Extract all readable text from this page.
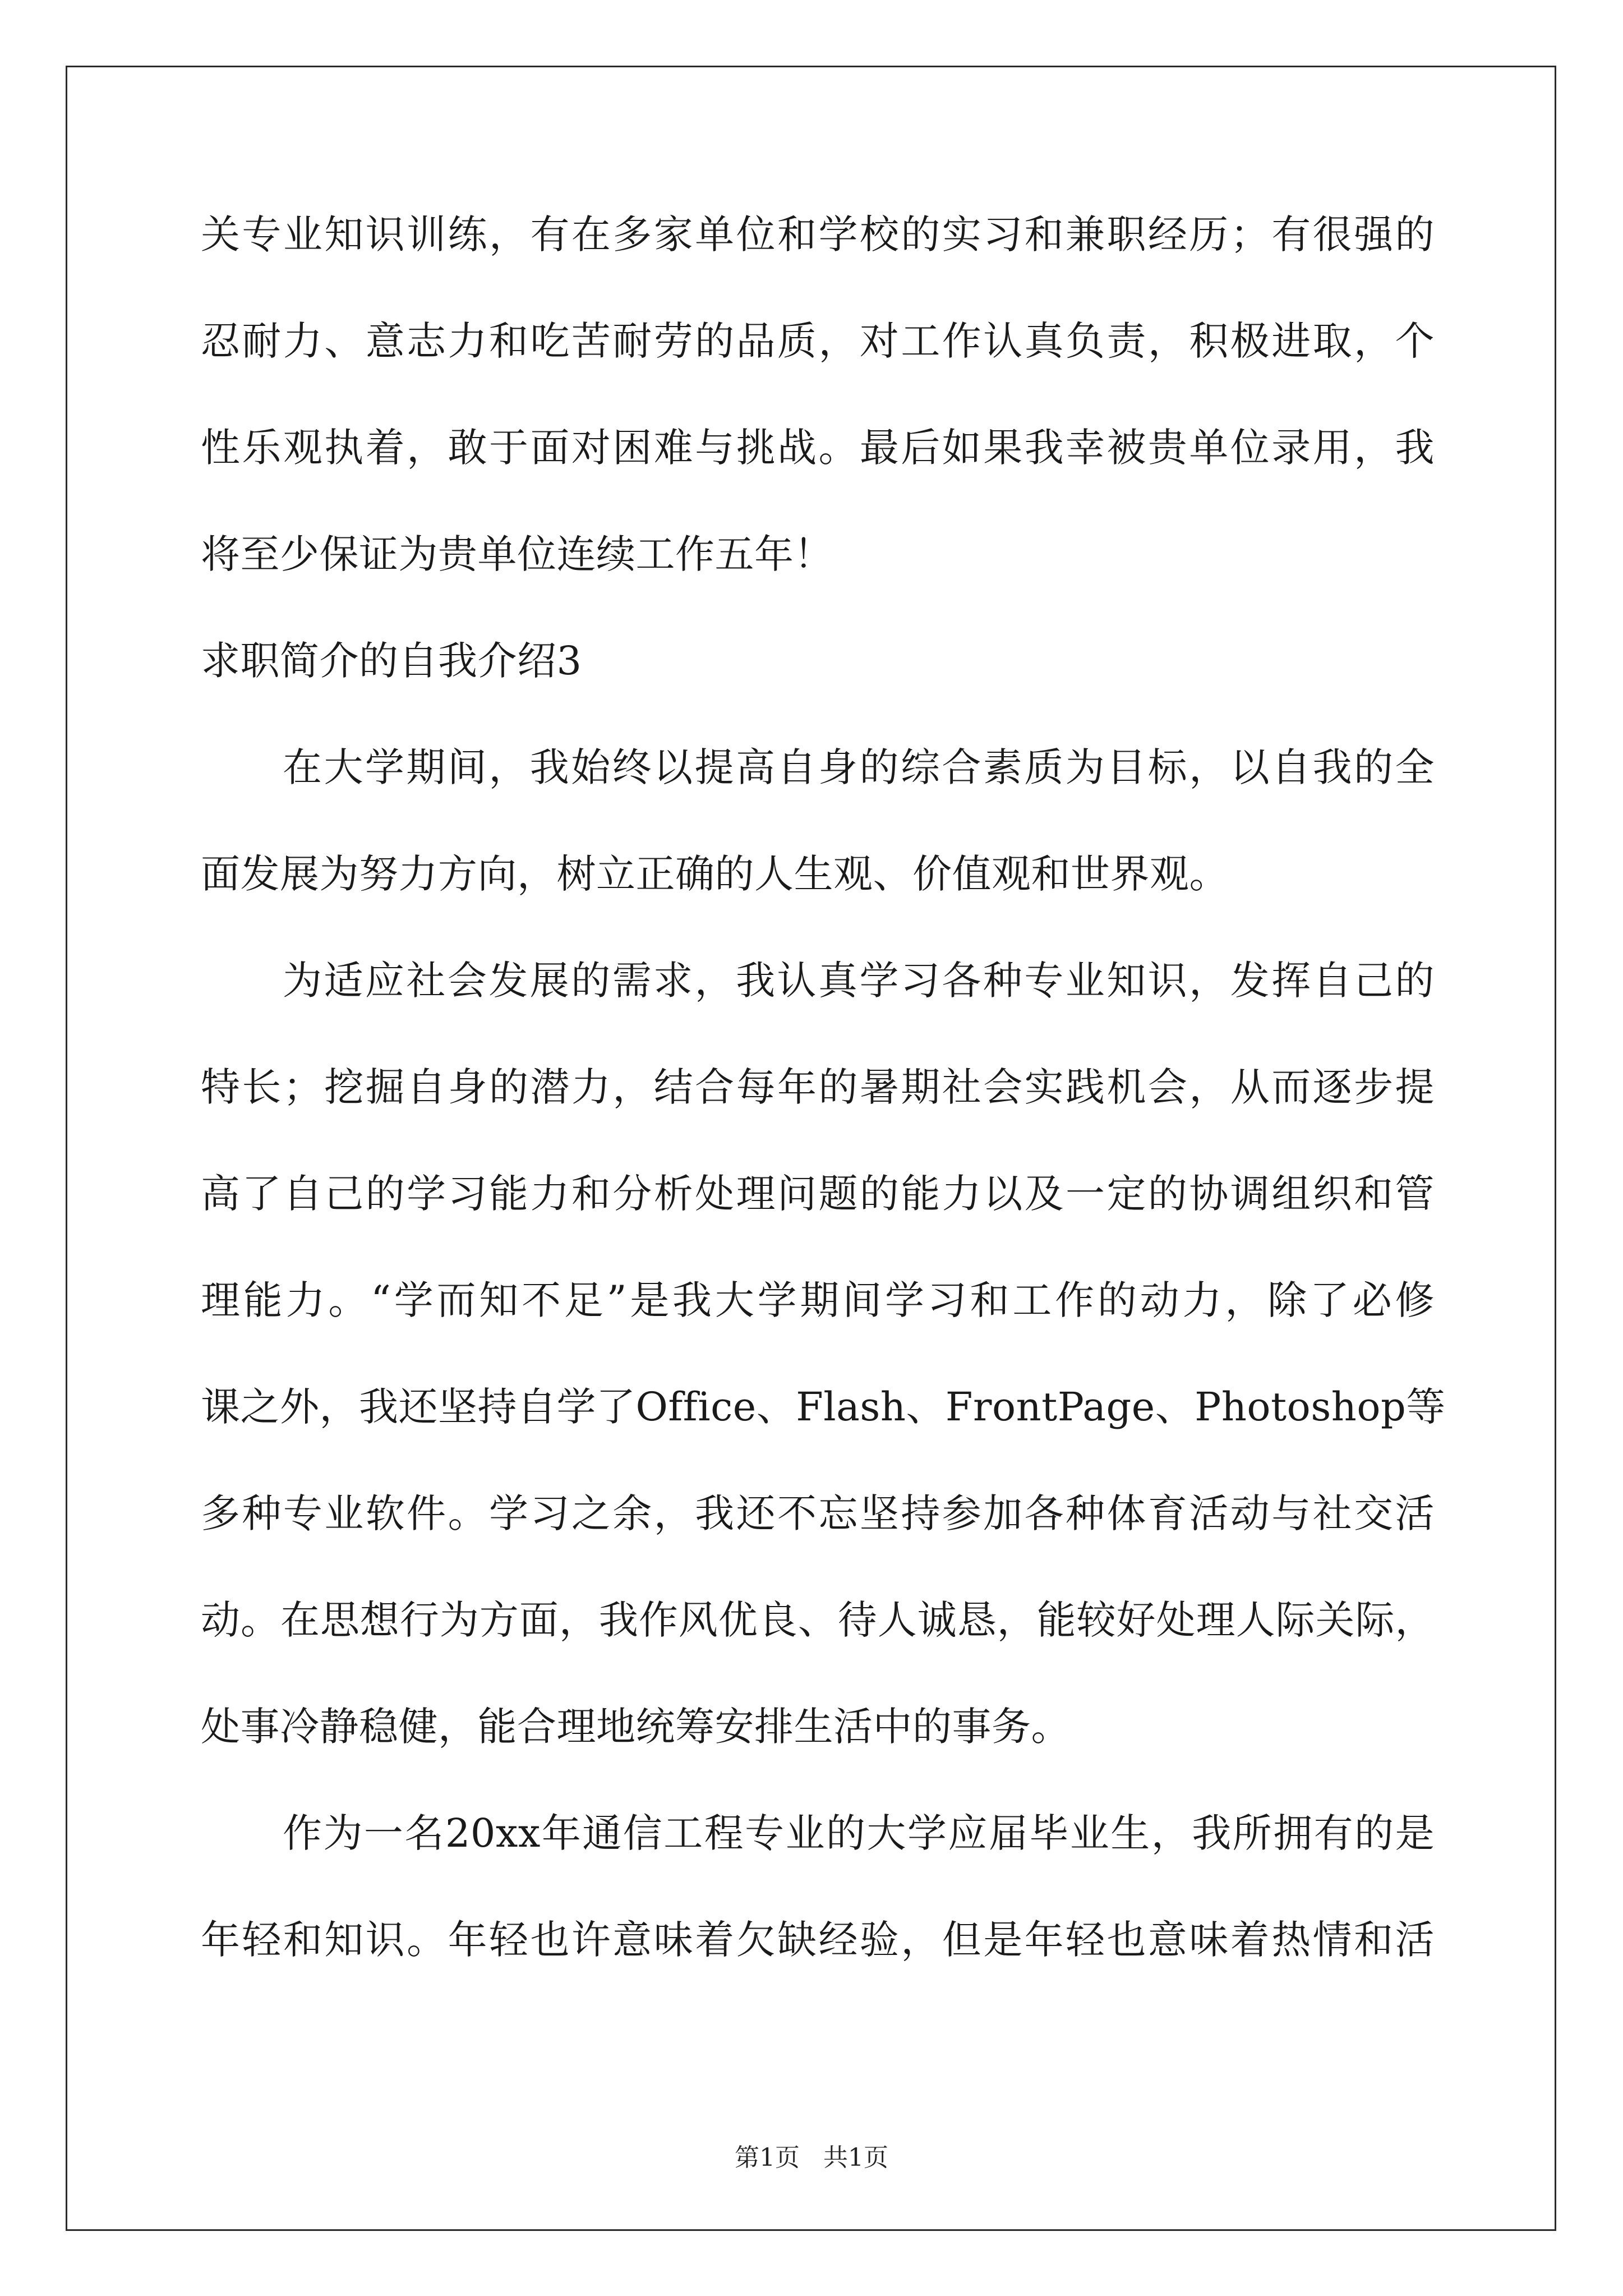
关专业知识训练，有在多家单位和学校的实习和兼职经历；有很强的
忍耐力、意志力和吃苦耐劳的品质，对工作认真负责，积极进取，个
性乐观执着，敢于面对困难与挑战。最后如果我幸被贵单位录用，我
将至少保证为贵单位连续工作五年！
求职简介的自我介绍3
在大学期间，我始终以提高自身的综合素质为目标，以自我的全
面发展为努力方向，树立正确的人生观、价值观和世界观。
为适应社会发展的需求，我认真学习各种专业知识，发挥自己的
特长；挖掘自身的潜力，结合每年的暑期社会实践机会，从而逐步提
高了自己的学习能力和分析处理问题的能力以及一定的协调组织和管
理能力。“学而知不足”是我大学期间学习和工作的动力，除了必修
课之外，我还坚持自学了Office、Flash、FrontPage、Photoshop等
多种专业软件。学习之余，我还不忘坚持参加各种体育活动与社交活
动。在思想行为方面，我作风优良、待人诚恳，能较好处理人际关际，
处事冷静稳健，能合理地统筹安排生活中的事务。
作为一名20xx年通信工程专业的大学应届毕业生，我所拥有的是
年轻和知识。年轻也许意味着欠缺经验，但是年轻也意味着热情和活
第1页   共1页
